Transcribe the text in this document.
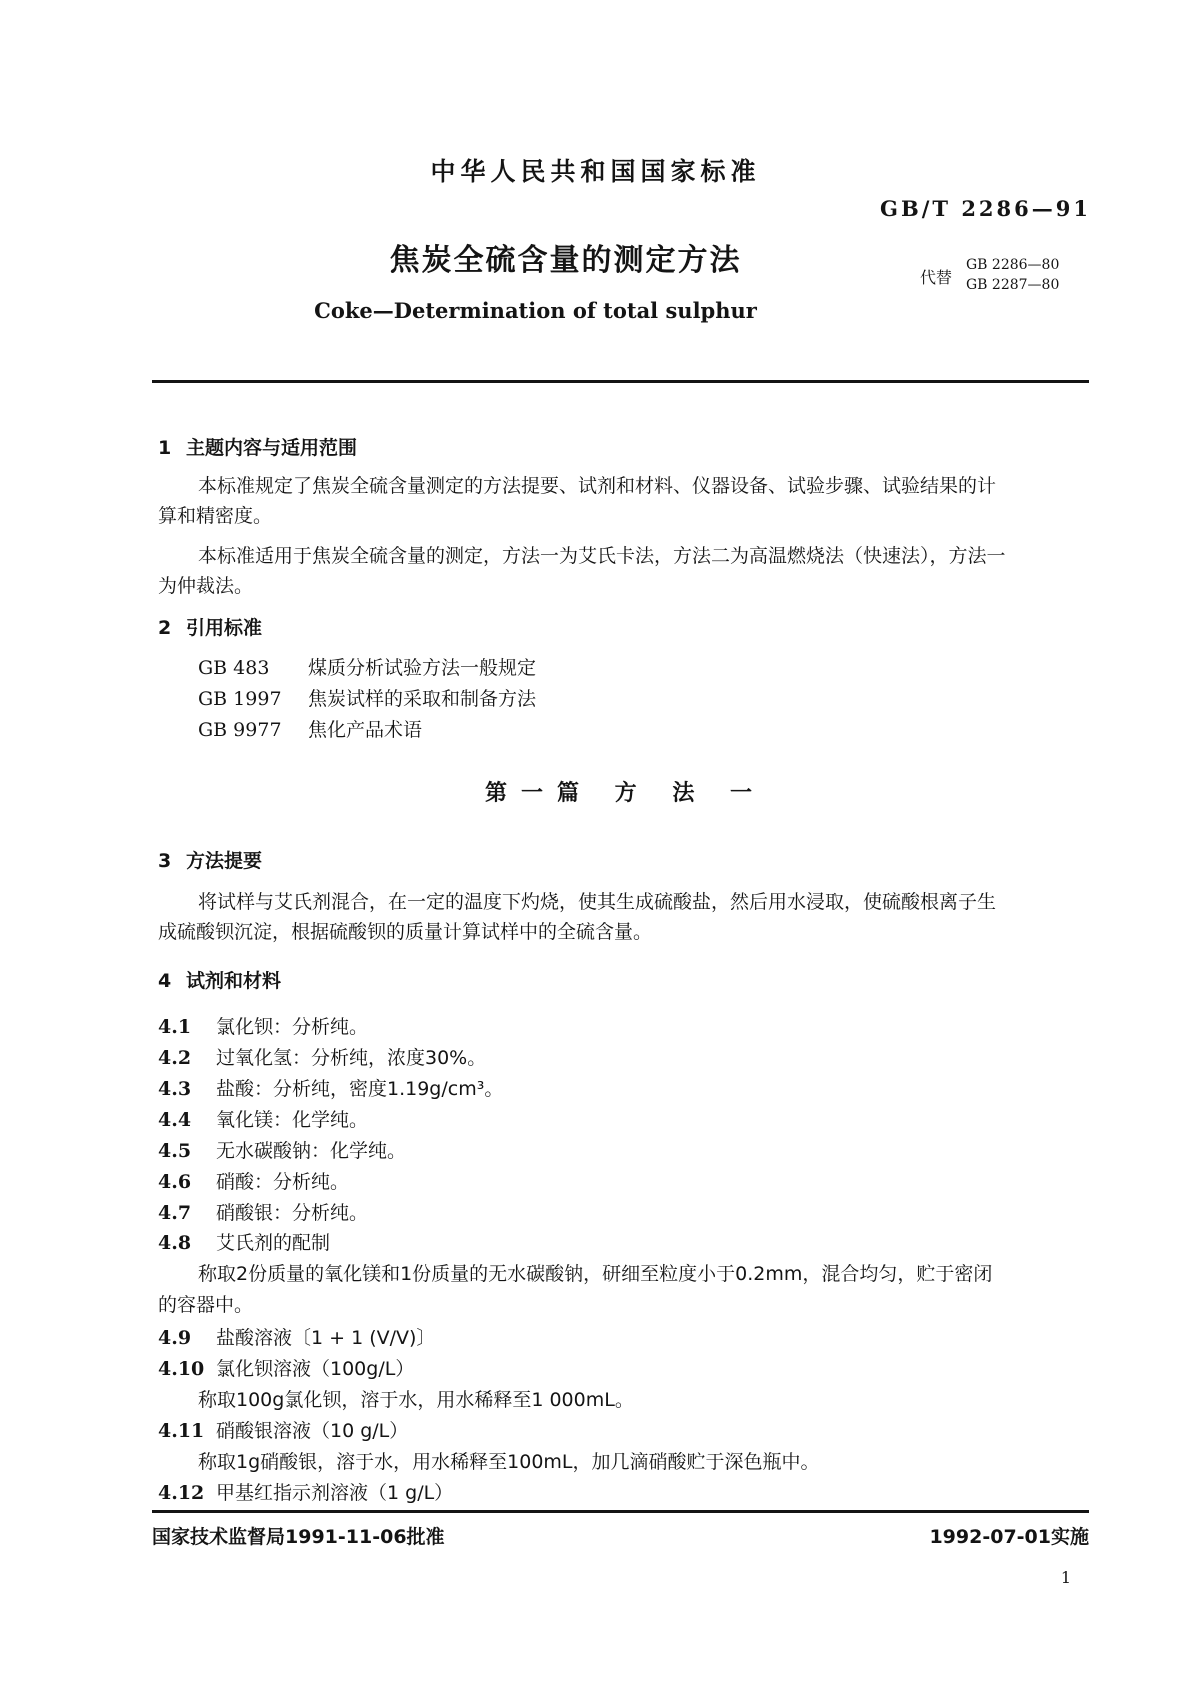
中华人民共和国国家标准
GB/T 2286—91
焦炭全硫含量的测定方法	代替
GB 2286—80
GB 2287—80
Coke—Determination of total sulphur
1 主题内容与适用范围
本标准规定了焦炭全硫含量测定的方法提要、试剂和材料、仪器设备、试验步骤、试验结果的计
算和精密度。
本标准适用于焦炭全硫含量的测定，方法一为艾氏卡法，方法二为高温燃烧法（快速法），方法一
为仲裁法。
2 引用标准
GB 483 煤质分析试验方法一般规定
GB 1997 焦炭试样的采取和制备方法
GB 9977 焦化产品术语
第一篇 方 法 一
3 方法提要
将试样与艾氏剂混合，在一定的温度下灼烧，使其生成硫酸盐，然后用水浸取，使硫酸根离子生
成硫酸钡沉淀，根据硫酸钡的质量计算试样中的全硫含量。
4 试剂和材料
4.1 氯化钡：分析纯。
4.2 过氧化氢：分析纯，浓度30%。
4.3 盐酸：分析纯，密度1.19g/cm³。
4.4 氧化镁：化学纯。
4.5 无水碳酸钠：化学纯。
4.6 硝酸：分析纯。
4.7 硝酸银：分析纯。
4.8 艾氏剂的配制
称取2份质量的氧化镁和1份质量的无水碳酸钠，研细至粒度小于0.2mm，混合均匀，贮于密闭
的容器中。
4.9 盐酸溶液〔1 + 1 (V/V)〕
4.10 氯化钡溶液（100g/L）
称取100g氯化钡，溶于水，用水稀释至1 000mL。
4.11 硝酸银溶液（10 g/L）
称取1g硝酸银，溶于水，用水稀释至100mL，加几滴硝酸贮于深色瓶中。
4.12 甲基红指示剂溶液（1 g/L）
国家技术监督局1991-11-06批准	1992-07-01实施
1
